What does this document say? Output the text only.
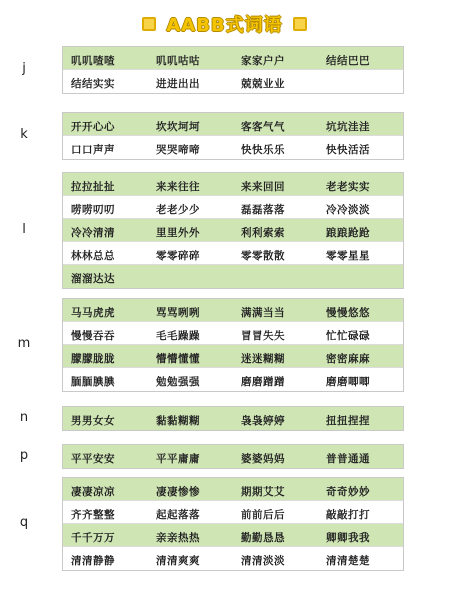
AABB式词语
j	叽叽喳喳	叽叽咕咕	家家户户	结结巴巴
结结实实	进进出出	兢兢业业
k	开开心心	坎坎坷坷	客客气气	坑坑洼洼
口口声声	哭哭啼啼	快快乐乐	快快活活
l
拉拉扯扯	来来往往	来来回回	老老实实
唠唠叨叨	老老少少	磊磊落落	冷冷淡淡
冷冷清清	里里外外	利利索索	踉踉跄跄
林林总总	零零碎碎	零零散散	零零星星
溜溜达达
m
马马虎虎	骂骂咧咧	满满当当	慢慢悠悠
慢慢吞吞	毛毛躁躁	冒冒失失	忙忙碌碌
朦朦胧胧	懵懵懂懂	迷迷糊糊	密密麻麻
腼腼腆腆	勉勉强强	磨磨蹭蹭	磨磨唧唧
n	男男女女	黏黏糊糊	袅袅婷婷	扭扭捏捏
p	平平安安	平平庸庸	婆婆妈妈	普普通通
q
凄凄凉凉	凄凄惨惨	期期艾艾	奇奇妙妙
齐齐整整	起起落落	前前后后	敲敲打打
千千万万	亲亲热热	勤勤恳恳	卿卿我我
清清静静	清清爽爽	清清淡淡	清清楚楚
